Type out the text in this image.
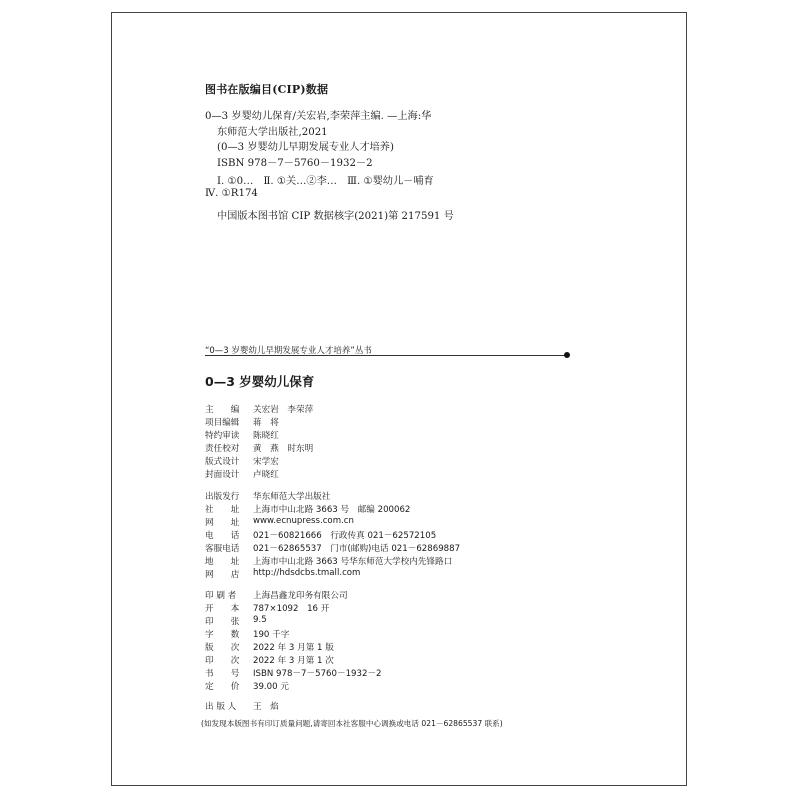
图书在版编目(CIP)数据
0—3 岁婴幼儿保育/关宏岩,李荣萍主编. —上海:华
东师范大学出版社,2021
(0—3 岁婴幼儿早期发展专业人才培养)
ISBN 978－7－5760－1932－2
Ⅰ. ①0…　Ⅱ. ①关…②李…　Ⅲ. ①婴幼儿－哺育
Ⅳ. ①R174
中国版本图书馆 CIP 数据核字(2021)第 217591 号
“0—3 岁婴幼儿早期发展专业人才培养”丛书
0—3 岁婴幼儿保育
主　　编	关宏岩　李荣萍
项目编辑	蒋　将
特约审读	陈晓红
责任校对	黄　燕　时东明
版式设计	宋学宏
封面设计	卢晓红
出版发行	华东师范大学出版社
社　　址	上海市中山北路 3663 号　邮编 200062
网　　址	www.ecnupress.com.cn
电　　话	021－60821666　行政传真 021－62572105
客服电话	021－62865537　门市(邮购)电话 021－62869887
地　　址	上海市中山北路 3663 号华东师范大学校内先锋路口
网　　店	http://hdsdcbs.tmall.com
印 刷 者	上海昌鑫龙印务有限公司
开　　本	787×1092　16 开
印　　张	9.5
字　　数	190 千字
版　　次	2022 年 3 月第 1 版
印　　次	2022 年 3 月第 1 次
书　　号	ISBN 978－7－5760－1932－2
定　　价	39.00 元
出 版 人	王　焰
(如发现本版图书有印订质量问题,请寄回本社客服中心调换或电话 021－62865537 联系)
